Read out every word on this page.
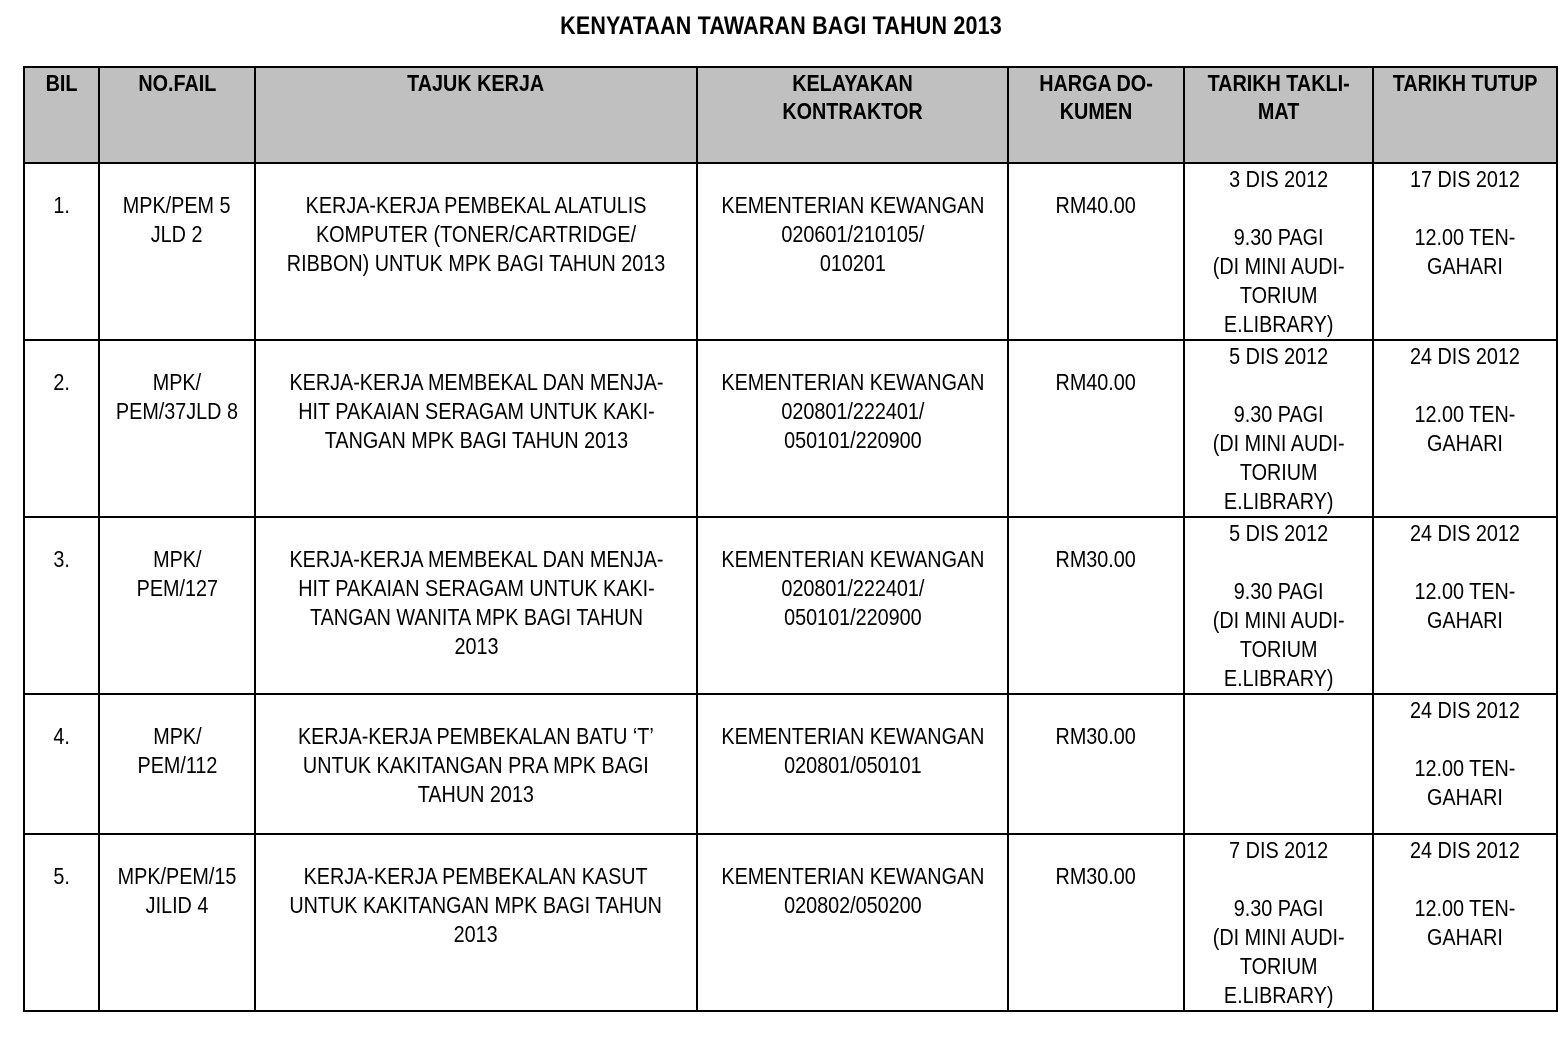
KENYATAAN TAWARAN BAGI TAHUN 2013
BIL	NO.FAIL	TAJUK KERJA	KELAYAKAN KONTRAKTOR	HARGA DO-
KUMEN	TARIKH TAKLI-
MAT	TARIKH TUTUP
1.	MPK/PEM 5
JLD 2	KERJA-KERJA PEMBEKAL ALATULIS
KOMPUTER (TONER/CARTRIDGE/
RIBBON) UNTUK MPK BAGI TAHUN 2013	KEMENTERIAN KEWANGAN
020601/210105/
010201	RM40.00	3 DIS 2012
9.30 PAGI
(DI MINI AUDI-
TORIUM
E.LIBRARY)	17 DIS 2012
12.00 TEN-
GAHARI

2.	MPK/
PEM/37JLD 8	KERJA-KERJA MEMBEKAL DAN MENJA-
HIT PAKAIAN SERAGAM UNTUK KAKI-
TANGAN MPK BAGI TAHUN 2013	KEMENTERIAN KEWANGAN
020801/222401/
050101/220900	RM40.00	5 DIS 2012
9.30 PAGI
(DI MINI AUDI-
TORIUM
E.LIBRARY)	24 DIS 2012
12.00 TEN-
GAHARI

3.	MPK/
PEM/127	KERJA-KERJA MEMBEKAL DAN MENJA-
HIT PAKAIAN SERAGAM UNTUK KAKI-
TANGAN WANITA MPK BAGI TAHUN
2013	KEMENTERIAN KEWANGAN
020801/222401/
050101/220900	RM30.00	5 DIS 2012
9.30 PAGI
(DI MINI AUDI-
TORIUM
E.LIBRARY)	24 DIS 2012
12.00 TEN-
GAHARI

4.	MPK/
PEM/112	KERJA-KERJA PEMBEKALAN BATU ‘T’
UNTUK KAKITANGAN PRA MPK BAGI
TAHUN 2013	KEMENTERIAN KEWANGAN
020801/050101	RM30.00		24 DIS 2012
12.00 TEN-
GAHARI

5.	MPK/PEM/15
JILID 4	KERJA-KERJA PEMBEKALAN KASUT
UNTUK KAKITANGAN MPK BAGI TAHUN
2013	KEMENTERIAN KEWANGAN
020802/050200	RM30.00	7 DIS 2012
9.30 PAGI
(DI MINI AUDI-
TORIUM
E.LIBRARY)	24 DIS 2012
12.00 TEN-
GAHARI
